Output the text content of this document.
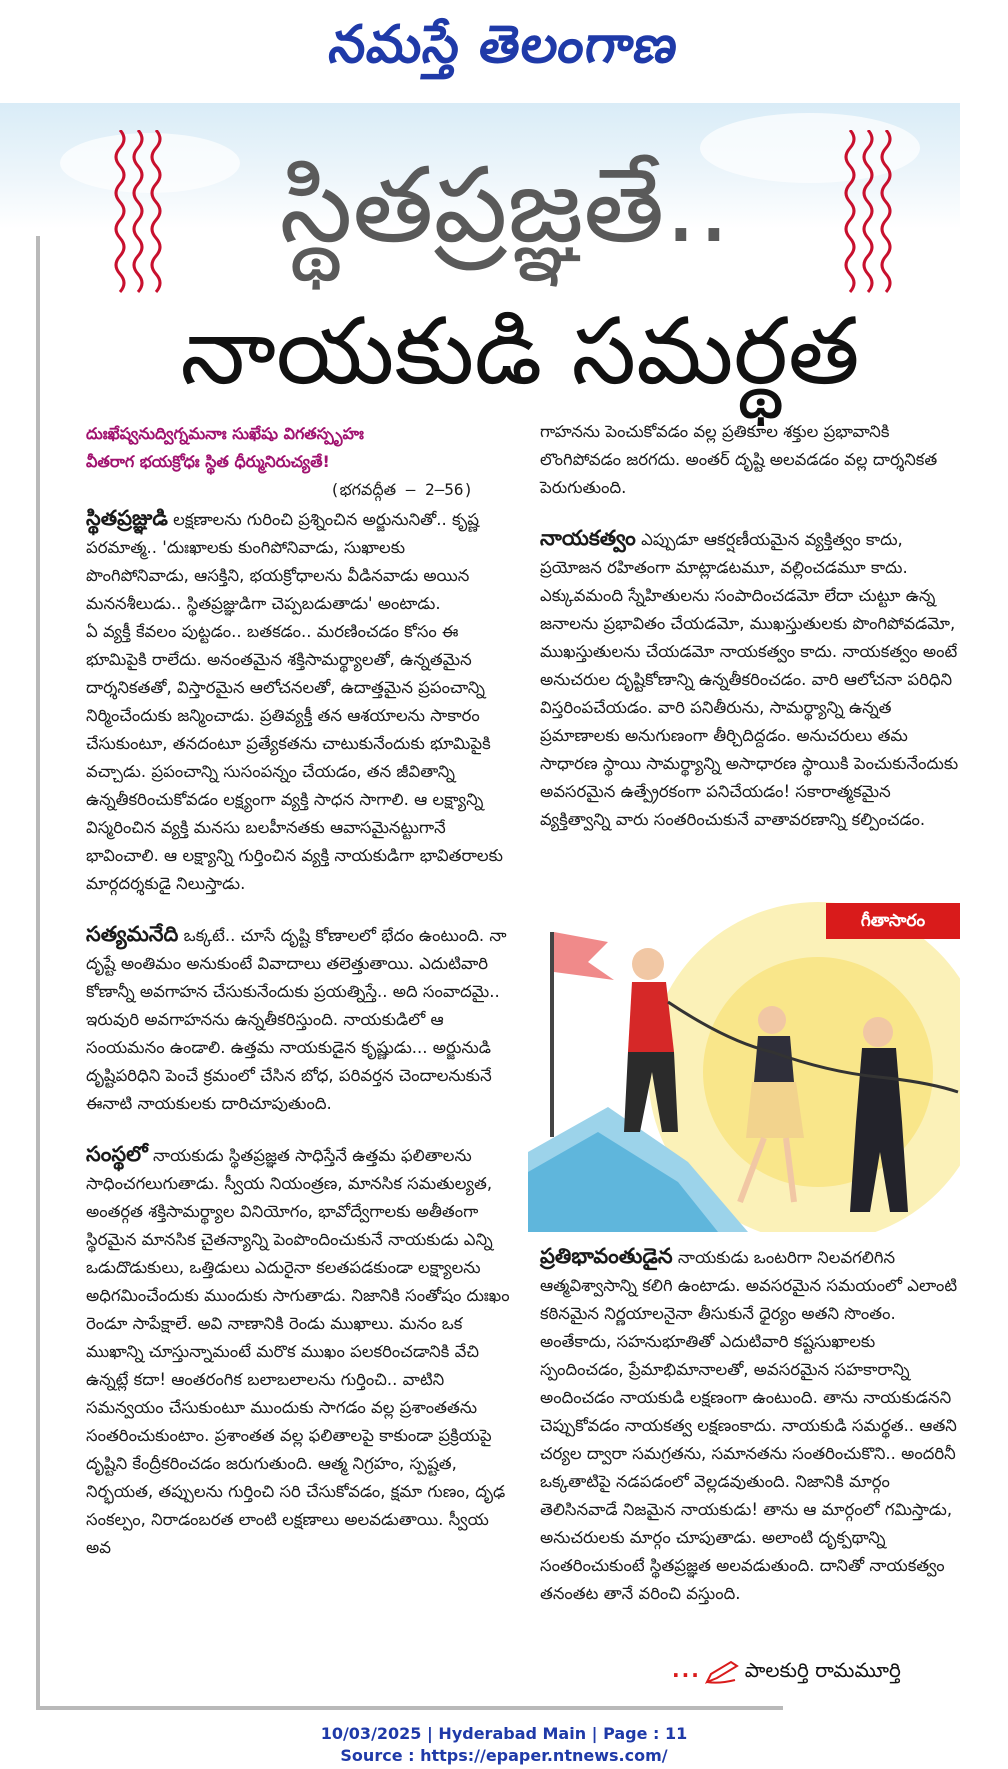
నమస్తే తెలంగాణ
స్థితప్రజ్ఞతే..
నాయకుడి సమర్థత
దుఃఖేష్వనుద్విగ్నమనాః సుఖేషు విగతస్పృహః
వీతరాగ భయక్రోధః స్థిత ధీర్మునిరుచ్యతే!
(భగవద్గీత – 2–56)

స్థితప్రజ్ఞుడి లక్షణాలను గురించి ప్రశ్నించిన అర్జునునితో.. కృష్ణ పరమాత్మ.. 'దుఃఖాలకు కుంగిపోనివాడు, సుఖాలకు పొంగిపోనివాడు, ఆసక్తిని, భయక్రోధాలను వీడినవాడు అయిన మననశీలుడు.. స్థితప్రజ్ఞుడిగా చెప్పబడుతాడు' అంటాడు.

ఏ వ్యక్తీ కేవలం పుట్టడం.. బతకడం.. మరణించడం కోసం ఈ భూమిపైకి రాలేదు. అనంతమైన శక్తిసామర్థ్యాలతో, ఉన్నతమైన దార్శనికతతో, విస్తారమైన ఆలోచనలతో, ఉదాత్తమైన ప్రపంచాన్ని నిర్మించేందుకు జన్మించాడు. ప్రతివ్యక్తీ తన ఆశయాలను సాకారం చేసుకుంటూ, తనదంటూ ప్రత్యేకతను చాటుకునేందుకు భూమిపైకి వచ్చాడు. ప్రపంచాన్ని సుసంపన్నం చేయడం, తన జీవితాన్ని ఉన్నతీకరించుకోవడం లక్ష్యంగా వ్యక్తి సాధన సాగాలి. ఆ లక్ష్యాన్ని విస్మరించిన వ్యక్తి మనసు బలహీనతకు ఆవాసమైనట్టుగానే భావించాలి. ఆ లక్ష్యాన్ని గుర్తించిన వ్యక్తి నాయకుడిగా భావితరాలకు మార్గదర్శకుడై నిలుస్తాడు.

సత్యమనేది ఒక్కటే.. చూసే దృష్టి కోణాలలో భేదం ఉంటుంది. నా దృష్టే అంతిమం అనుకుంటే వివాదాలు తలెత్తుతాయి. ఎదుటివారి కోణాన్నీ అవగాహన చేసుకునేందుకు ప్రయత్నిస్తే.. అది సంవాదమై.. ఇరువురి అవగాహనను ఉన్నతీకరిస్తుంది. నాయకుడిలో ఆ సంయమనం ఉండాలి. ఉత్తమ నాయకుడైన కృష్ణుడు... అర్జునుడి దృష్టిపరిధిని పెంచే క్రమంలో చేసిన బోధ, పరివర్తన చెందాలనుకునే ఈనాటి నాయకులకు దారిచూపుతుంది.

సంస్థలో నాయకుడు స్థితప్రజ్ఞత సాధిస్తేనే ఉత్తమ ఫలితాలను సాధించగలుగుతాడు. స్వీయ నియంత్రణ, మానసిక సమతుల్యత, అంతర్గత శక్తిసామర్థ్యాల వినియోగం, భావోద్వేగాలకు అతీతంగా స్థిరమైన మానసిక చైతన్యాన్ని పెంపొందించుకునే నాయకుడు ఎన్ని ఒడుదొడుకులు, ఒత్తిడులు ఎదురైనా కలతపడకుండా లక్ష్యాలను అధిగమించేందుకు ముందుకు సాగుతాడు. నిజానికి సంతోషం దుఃఖం రెండూ సాపేక్షాలే. అవి నాణానికి రెండు ముఖాలు. మనం ఒక ముఖాన్ని చూస్తున్నామంటే మరొక ముఖం పలకరించడానికి వేచి ఉన్నట్లే కదా! ఆంతరంగిక బలాబలాలను గుర్తించి.. వాటిని సమన్వయం చేసుకుంటూ ముందుకు సాగడం వల్ల ప్రశాంతతను సంతరించుకుంటాం. ప్రశాంతత వల్ల ఫలితాలపై కాకుండా ప్రక్రియపై దృష్టిని కేంద్రీకరించడం జరుగుతుంది. ఆత్మ నిగ్రహం, స్పష్టత, నిర్భయత, తప్పులను గుర్తించి సరి చేసుకోవడం, క్షమా గుణం, దృఢ సంకల్పం, నిరాడంబరత లాంటి లక్షణాలు అలవడుతాయి. స్వీయ అవ

గాహనను పెంచుకోవడం వల్ల ప్రతికూల శక్తుల ప్రభావానికి లొంగిపోవడం జరగదు. అంతర్ దృష్టి అలవడడం వల్ల దార్శనికత పెరుగుతుంది.

నాయకత్వం ఎప్పుడూ ఆకర్షణీయమైన వ్యక్తిత్వం కాదు, ప్రయోజన రహితంగా మాట్లాడటమూ, వల్లించడమూ కాదు. ఎక్కువమంది స్నేహితులను సంపాదించడమో లేదా చుట్టూ ఉన్న జనాలను ప్రభావితం చేయడమో, ముఖస్తుతులకు పొంగిపోవడమో, ముఖస్తుతులను చేయడమో నాయకత్వం కాదు. నాయకత్వం అంటే అనుచరుల దృష్టికోణాన్ని ఉన్నతీకరించడం. వారి ఆలోచనా పరిధిని విస్తరింపచేయడం. వారి పనితీరును, సామర్థ్యాన్ని ఉన్నత ప్రమాణాలకు అనుగుణంగా తీర్చిదిద్దడం. అనుచరులు తమ సాధారణ స్థాయి సామర్థ్యాన్ని అసాధారణ స్థాయికి పెంచుకునేందుకు అవసరమైన ఉత్ప్రేరకంగా పనిచేయడం! సకారాత్మకమైన వ్యక్తిత్వాన్ని వారు సంతరించుకునే వాతావరణాన్ని కల్పించడం.

గీతాసారం

ప్రతిభావంతుడైన నాయకుడు ఒంటరిగా నిలవగలిగిన ఆత్మవిశ్వాసాన్ని కలిగి ఉంటాడు. అవసరమైన సమయంలో ఎలాంటి కఠినమైన నిర్ణయాలనైనా తీసుకునే ధైర్యం అతని సొంతం. అంతేకాదు, సహనుభూతితో ఎదుటివారి కష్టసుఖాలకు స్పందించడం, ప్రేమాభిమానాలతో, అవసరమైన సహకారాన్ని అందించడం నాయకుడి లక్షణంగా ఉంటుంది. తాను నాయకుడనని చెప్పుకోవడం నాయకత్వ లక్షణంకాదు. నాయకుడి సమర్థత.. ఆతని చర్యల ద్వారా సమగ్రతను, సమానతను సంతరించుకొని.. అందరినీ ఒక్కతాటిపై నడపడంలో వెల్లడవుతుంది. నిజానికి మార్గం తెలిసినవాడే నిజమైన నాయకుడు! తాను ఆ మార్గంలో గమిస్తాడు, అనుచరులకు మార్గం చూపుతాడు. అలాంటి దృక్పథాన్ని సంతరించుకుంటే స్థితప్రజ్ఞత అలవడుతుంది. దానితో నాయకత్వం తనంతట తానే వరించి వస్తుంది.

... పాలకుర్తి రామమూర్తి
10/03/2025 | Hyderabad Main | Page : 11
Source : https://epaper.ntnews.com/
